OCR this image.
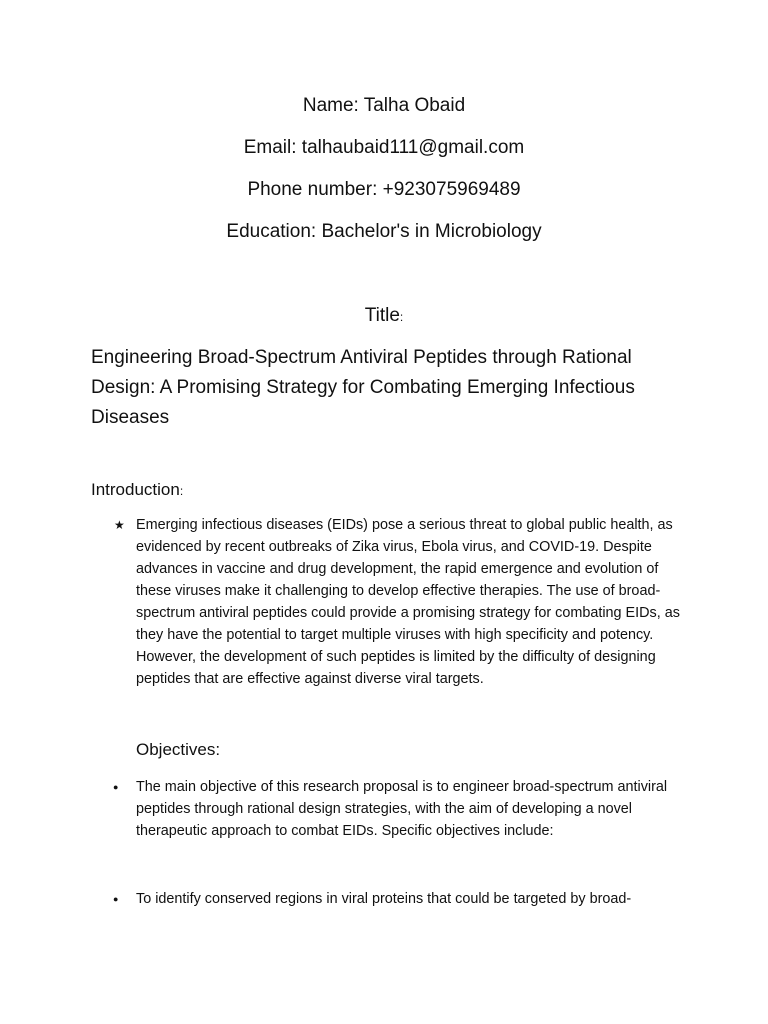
Name: Talha Obaid
Email: talhaubaid111@gmail.com
Phone number: +923075969489
Education: Bachelor's in Microbiology
Title:
Engineering Broad-Spectrum Antiviral Peptides through Rational Design: A Promising Strategy for Combating Emerging Infectious Diseases
Introduction:
★ Emerging infectious diseases (EIDs) pose a serious threat to global public health, as evidenced by recent outbreaks of Zika virus, Ebola virus, and COVID-19. Despite advances in vaccine and drug development, the rapid emergence and evolution of these viruses make it challenging to develop effective therapies. The use of broad-spectrum antiviral peptides could provide a promising strategy for combating EIDs, as they have the potential to target multiple viruses with high specificity and potency. However, the development of such peptides is limited by the difficulty of designing peptides that are effective against diverse viral targets.
Objectives:
● The main objective of this research proposal is to engineer broad-spectrum antiviral peptides through rational design strategies, with the aim of developing a novel therapeutic approach to combat EIDs. Specific objectives include:
● To identify conserved regions in viral proteins that could be targeted by broad-
